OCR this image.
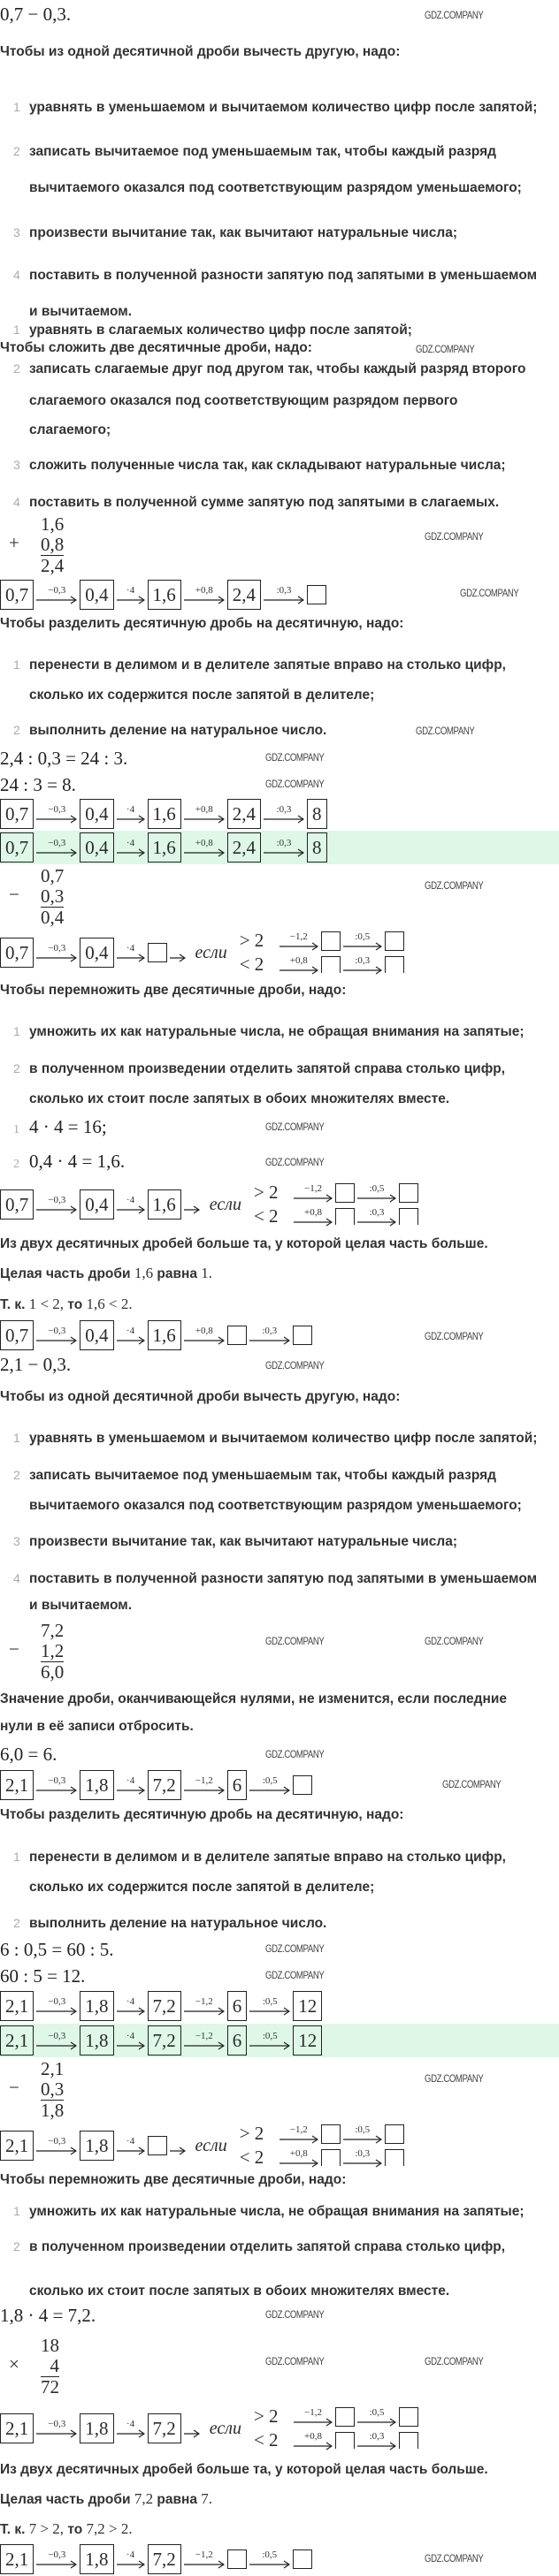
0,7 − 0,3.
Чтобы из одной десятичной дроби вычесть другую, надо:
1 уравнять в уменьшаемом и вычитаемом количество цифр после запятой;
2 записать вычитаемое под уменьшаемым так, чтобы каждый разряд
вычитаемого оказался под соответствующим разрядом уменьшаемого;
3 произвести вычитание так, как вычитают натуральные числа;
4 поставить в полученной разности запятую под запятыми в уменьшаемом
и вычитаемом.
Чтобы сложить две десятичные дроби, надо:
1 уравнять в слагаемых количество цифр после запятой;
2 записать слагаемые друг под другом так, чтобы каждый разряд второго
слагаемого оказался под соответствующим разрядом первого
слагаемого;
3 сложить полученные числа так, как складывают натуральные числа;
4 поставить в полученной сумме запятую под запятыми в слагаемых.
+
1,6
0,8
2,4
0,7	−0,3 0,4	·4 1,6	+0,8 2,4	:0,3
Чтобы разделить десятичную дробь на десятичную, надо:
1 перенести в делимом и в делителе запятые вправо на столько цифр,
сколько их содержится после запятой в делителе;
2 выполнить деление на натуральное число.
2,4 : 0,3 = 24 : 3.
24 : 3 = 8.
0,7	−0,3 0,4	·4 1,6	+0,8 2,4	:0,3 8
0,7	−0,3 0,4	·4 1,6	+0,8 2,4	:0,3 8
−
0,7
0,3
0,4
0,7	−0,3 0,4	·4	если
> 2	−1,2	:0,5
< 2	+0,8	:0,3
Чтобы перемножить две десятичные дроби, надо:
1 умножить их как натуральные числа, не обращая внимания на запятые;
2 в полученном произведении отделить запятой справа столько цифр,
сколько их стоит после запятых в обоих множителях вместе.
1 4 · 4 = 16;
2 0,4 · 4 = 1,6.
0,7	−0,3 0,4	·4 1,6	если
> 2	−1,2	:0,5
< 2	+0,8	:0,3
Из двух десятичных дробей больше та, у которой целая часть больше.
Целая часть дроби 1,6 равна 1.
Т. к. 1 < 2, то 1,6 < 2.
0,7	−0,3 0,4	·4 1,6	+0,8	:0,3
2,1 − 0,3.
Чтобы из одной десятичной дроби вычесть другую, надо:
1 уравнять в уменьшаемом и вычитаемом количество цифр после запятой;
2 записать вычитаемое под уменьшаемым так, чтобы каждый разряд
вычитаемого оказался под соответствующим разрядом уменьшаемого;
3 произвести вычитание так, как вычитают натуральные числа;
4 поставить в полученной разности запятую под запятыми в уменьшаемом
и вычитаемом.
−
7,2
1,2
6,0
Значение дроби, оканчивающейся нулями, не изменится, если последние
нули в её записи отбросить.
6,0 = 6.
2,1	−0,3 1,8	·4 7,2	−1,2 6	:0,5
Чтобы разделить десятичную дробь на десятичную, надо:
1 перенести в делимом и в делителе запятые вправо на столько цифр,
сколько их содержится после запятой в делителе;
2 выполнить деление на натуральное число.
6 : 0,5 = 60 : 5.
60 : 5 = 12.
2,1	−0,3 1,8	·4 7,2	−1,2 6	:0,5 12
2,1	−0,3 1,8	·4 7,2	−1,2 6	:0,5 12
−
2,1
0,3
1,8
2,1	−0,3 1,8	·4	если
> 2	−1,2	:0,5
< 2	+0,8	:0,3
Чтобы перемножить две десятичные дроби, надо:
1 умножить их как натуральные числа, не обращая внимания на запятые;
2 в полученном произведении отделить запятой справа столько цифр,
сколько их стоит после запятых в обоих множителях вместе.
1,8 · 4 = 7,2.
×
18
4
72
2,1	−0,3 1,8	·4 7,2	если
> 2	−1,2	:0,5
< 2	+0,8	:0,3
Из двух десятичных дробей больше та, у которой целая часть больше.
Целая часть дроби 7,2 равна 7.
Т. к. 7 > 2, то 7,2 > 2.
2,1	−0,3 1,8	·4 7,2	−1,2	:0,5
GDZ.COMPANY
GDZ.COMPANY
GDZ.COMPANY
GDZ.COMPANY
GDZ.COMPANY
GDZ.COMPANY
GDZ.COMPANY
GDZ.COMPANY
GDZ.COMPANY
GDZ.COMPANY
GDZ.COMPANY
GDZ.COMPANY
GDZ.COMPANY	GDZ.COMPANY
GDZ.COMPANY
GDZ.COMPANY
GDZ.COMPANY
GDZ.COMPANY
GDZ.COMPANY
GDZ.COMPANY
GDZ.COMPANY	GDZ.COMPANY
GDZ.COMPANY
